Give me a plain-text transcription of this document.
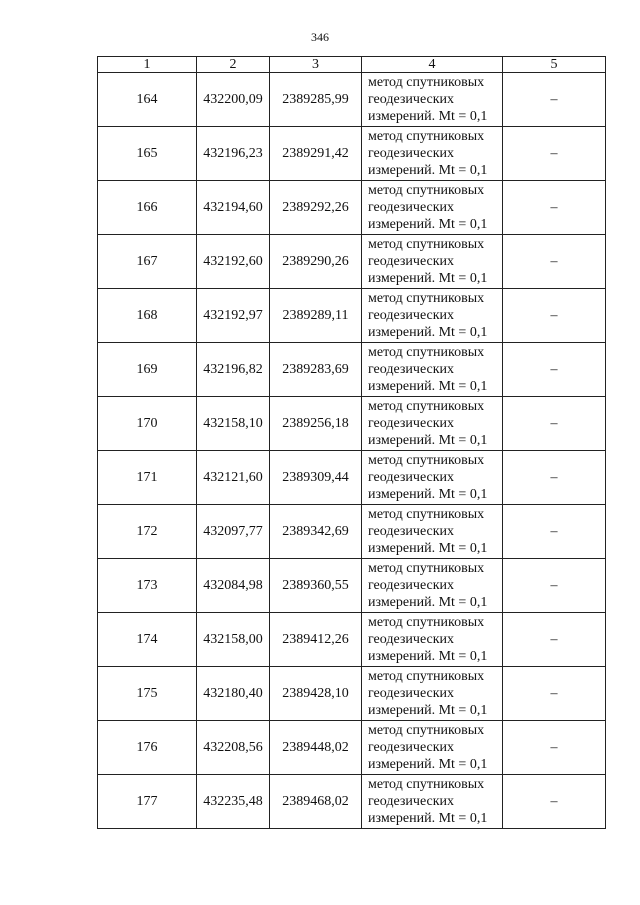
346
1	2	3	4	5
164	432200,09	2389285,99	метод спутниковых
геодезических
измерений. Mt = 0,1	–
165	432196,23	2389291,42	метод спутниковых
геодезических
измерений. Mt = 0,1	–
166	432194,60	2389292,26	метод спутниковых
геодезических
измерений. Mt = 0,1	–
167	432192,60	2389290,26	метод спутниковых
геодезических
измерений. Mt = 0,1	–
168	432192,97	2389289,11	метод спутниковых
геодезических
измерений. Mt = 0,1	–
169	432196,82	2389283,69	метод спутниковых
геодезических
измерений. Mt = 0,1	–
170	432158,10	2389256,18	метод спутниковых
геодезических
измерений. Mt = 0,1	–
171	432121,60	2389309,44	метод спутниковых
геодезических
измерений. Mt = 0,1	–
172	432097,77	2389342,69	метод спутниковых
геодезических
измерений. Mt = 0,1	–
173	432084,98	2389360,55	метод спутниковых
геодезических
измерений. Mt = 0,1	–
174	432158,00	2389412,26	метод спутниковых
геодезических
измерений. Mt = 0,1	–
175	432180,40	2389428,10	метод спутниковых
геодезических
измерений. Mt = 0,1	–
176	432208,56	2389448,02	метод спутниковых
геодезических
измерений. Mt = 0,1	–
177	432235,48	2389468,02	метод спутниковых
геодезических
измерений. Mt = 0,1	–
